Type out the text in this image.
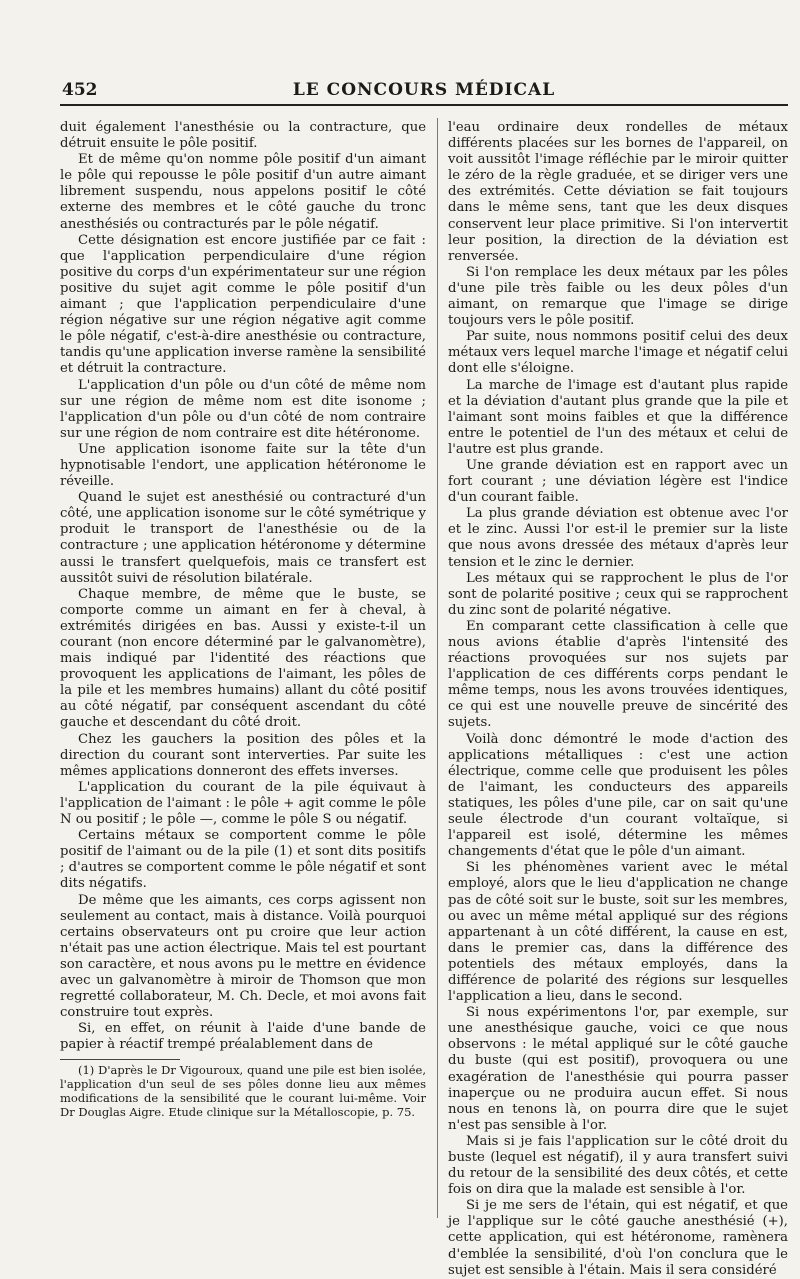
452	LE CONCOURS MÉDICAL

duit également l'anesthésie ou la contracture, que détruit ensuite le pôle positif.

Et de même qu'on nomme pôle positif d'un aimant le pôle qui repousse le pôle positif d'un autre aimant librement suspendu, nous appelons positif le côté externe des membres et le côté gauche du tronc anesthésiés ou contracturés par le pôle négatif.

Cette désignation est encore justifiée par ce fait : que l'application perpendiculaire d'une région positive du corps d'un expérimentateur sur une région positive du sujet agit comme le pôle positif d'un aimant ; que l'application perpendiculaire d'une région négative sur une région négative agit comme le pôle négatif, c'est-à-dire anesthésie ou contracture, tandis qu'une application inverse ramène la sensibilité et détruit la contracture.

L'application d'un pôle ou d'un côté de même nom sur une région de même nom est dite isonome ; l'application d'un pôle ou d'un côté de nom contraire sur une région de nom contraire est dite hétéronome.

Une application isonome faite sur la tête d'un hypnotisable l'endort, une application hétéronome le réveille.

Quand le sujet est anesthésié ou contracturé d'un côté, une application isonome sur le côté symétrique y produit le transport de l'anesthésie ou de la contracture ; une application hétéronome y détermine aussi le transfert quelquefois, mais ce transfert est aussitôt suivi de résolution bilatérale.

Chaque membre, de même que le buste, se comporte comme un aimant en fer à cheval, à extrémités dirigées en bas. Aussi y existe-t-il un courant (non encore déterminé par le galvanomètre), mais indiqué par l'identité des réactions que provoquent les applications de l'aimant, les pôles de la pile et les membres humains) allant du côté positif au côté négatif, par conséquent ascendant du côté gauche et descendant du côté droit.

Chez les gauchers la position des pôles et la direction du courant sont interverties. Par suite les mêmes applications donneront des effets inverses.

L'application du courant de la pile équivaut à l'application de l'aimant : le pôle + agit comme le pôle N ou positif ; le pôle —, comme le pôle S ou négatif.

Certains métaux se comportent comme le pôle positif de l'aimant ou de la pile (1) et sont dits positifs ; d'autres se comportent comme le pôle négatif et sont dits négatifs.

De même que les aimants, ces corps agissent non seulement au contact, mais à distance. Voilà pourquoi certains observateurs ont pu croire que leur action n'était pas une action électrique. Mais tel est pourtant son caractère, et nous avons pu le mettre en évidence avec un galvanomètre à miroir de Thomson que mon regretté collaborateur, M. Ch. Decle, et moi avons fait construire tout exprès.

Si, en effet, on réunit à l'aide d'une bande de papier à réactif trempé préalablement dans de

(1) D'après le Dr Vigouroux, quand une pile est bien isolée, l'application d'un seul de ses pôles donne lieu aux mêmes modifications de la sensibilité que le courant lui-même. Voir Dr Douglas Aigre. Etude clinique sur la Métalloscopie, p. 75.

l'eau ordinaire deux rondelles de métaux différents placées sur les bornes de l'appareil, on voit aussitôt l'image réfléchie par le miroir quitter le zéro de la règle graduée, et se diriger vers une des extrémités. Cette déviation se fait toujours dans le même sens, tant que les deux disques conservent leur place primitive. Si l'on intervertit leur position, la direction de la déviation est renversée.

Si l'on remplace les deux métaux par les pôles d'une pile très faible ou les deux pôles d'un aimant, on remarque que l'image se dirige toujours vers le pôle positif.

Par suite, nous nommons positif celui des deux métaux vers lequel marche l'image et négatif celui dont elle s'éloigne.

La marche de l'image est d'autant plus rapide et la déviation d'autant plus grande que la pile et l'aimant sont moins faibles et que la différence entre le potentiel de l'un des métaux et celui de l'autre est plus grande.

Une grande déviation est en rapport avec un fort courant ; une déviation légère est l'indice d'un courant faible.

La plus grande déviation est obtenue avec l'or et le zinc. Aussi l'or est-il le premier sur la liste que nous avons dressée des métaux d'après leur tension et le zinc le dernier.

Les métaux qui se rapprochent le plus de l'or sont de polarité positive ; ceux qui se rapprochent du zinc sont de polarité négative.

En comparant cette classification à celle que nous avions établie d'après l'intensité des réactions provoquées sur nos sujets par l'application de ces différents corps pendant le même temps, nous les avons trouvées identiques, ce qui est une nouvelle preuve de sincérité des sujets.

Voilà donc démontré le mode d'action des applications métalliques : c'est une action électrique, comme celle que produisent les pôles de l'aimant, les conducteurs des appareils statiques, les pôles d'une pile, car on sait qu'une seule électrode d'un courant voltaïque, si l'appareil est isolé, détermine les mêmes changements d'état que le pôle d'un aimant.

Si les phénomènes varient avec le métal employé, alors que le lieu d'application ne change pas de côté soit sur le buste, soit sur les membres, ou avec un même métal appliqué sur des régions appartenant à un côté différent, la cause en est, dans le premier cas, dans la différence des potentiels des métaux employés, dans la différence de polarité des régions sur lesquelles l'application a lieu, dans le second.

Si nous expérimentons l'or, par exemple, sur une anesthésique gauche, voici ce que nous observons : le métal appliqué sur le côté gauche du buste (qui est positif), provoquera ou une exagération de l'anesthésie qui pourra passer inaperçue ou ne produira aucun effet. Si nous nous en tenons là, on pourra dire que le sujet n'est pas sensible à l'or.

Mais si je fais l'application sur le côté droit du buste (lequel est négatif), il y aura transfert suivi du retour de la sensibilité des deux côtés, et cette fois on dira que la malade est sensible à l'or.

Si je me sers de l'étain, qui est négatif, et que je l'applique sur le côté gauche anesthésié (+), cette application, qui est hétéronome, ramènera d'emblée la sensibilité, d'où l'on conclura que le sujet est sensible à l'étain. Mais il sera considéré
